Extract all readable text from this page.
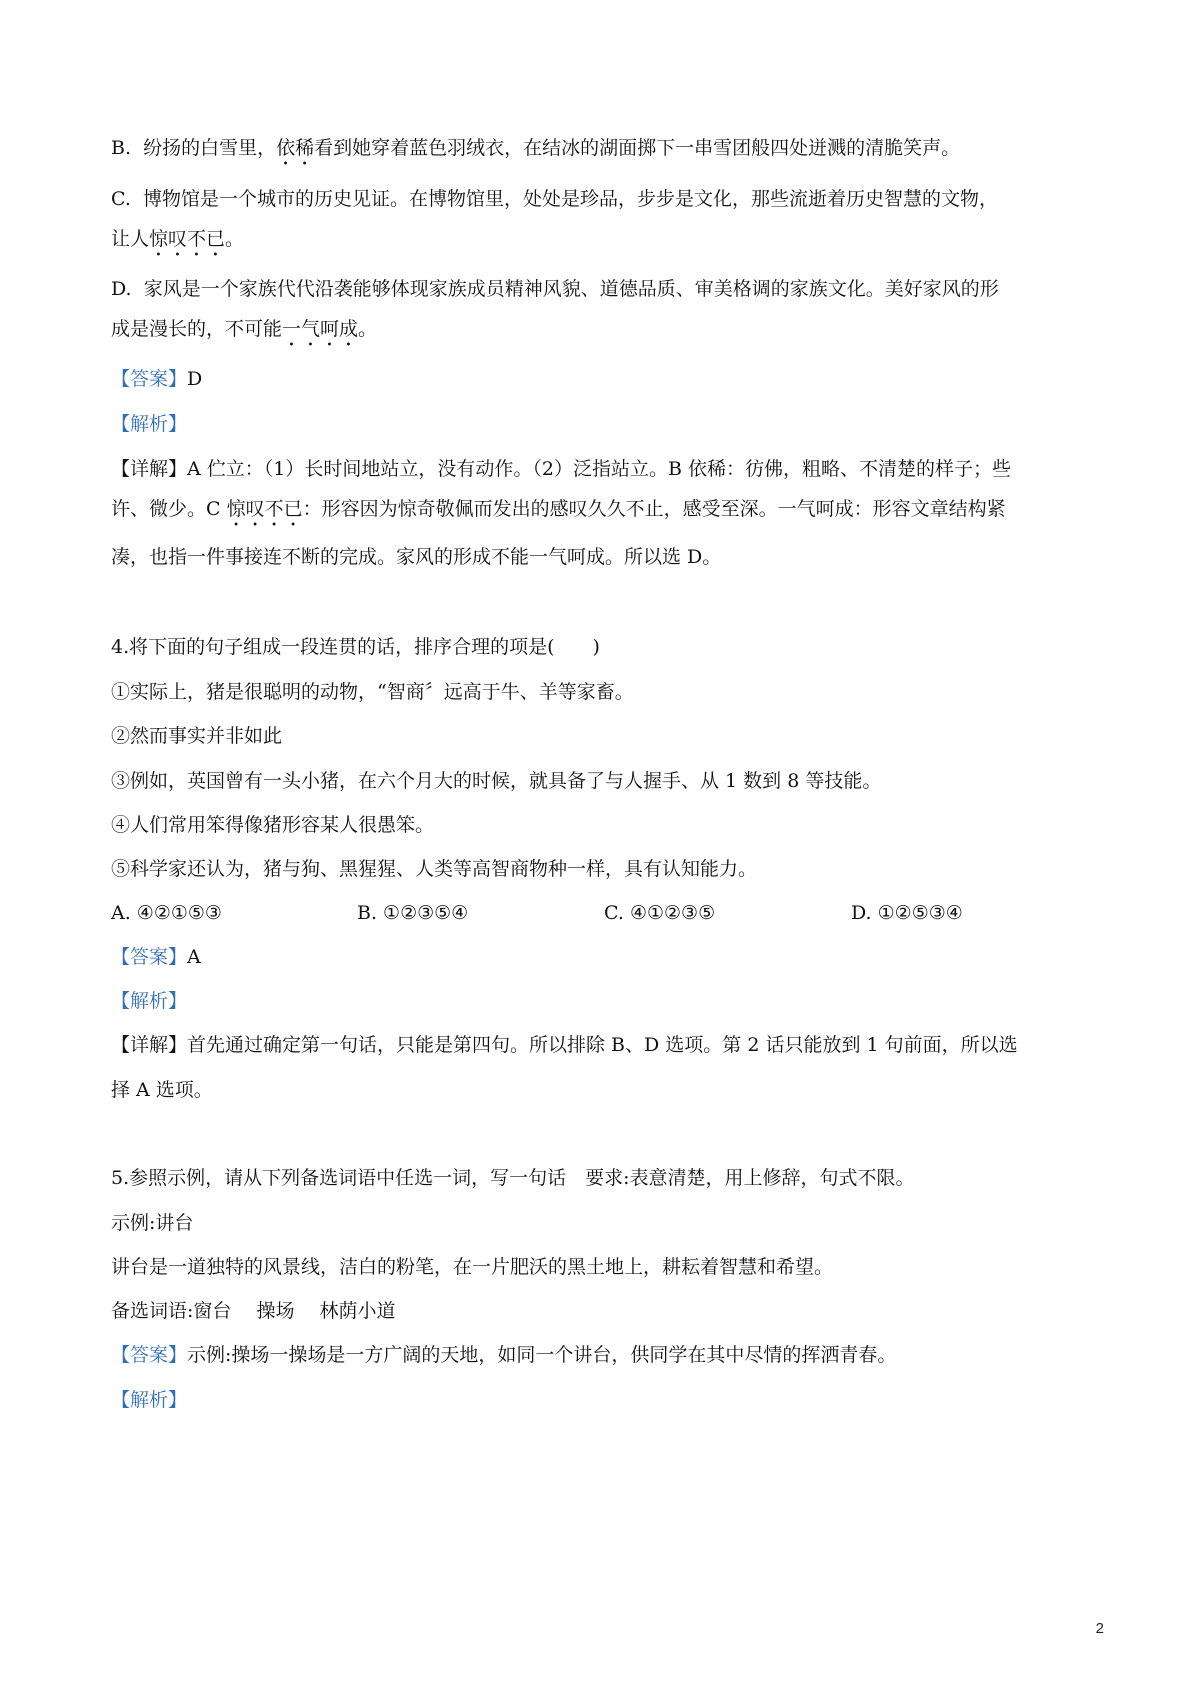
B. 纷扬的白雪里，依稀看到她穿着蓝色羽绒衣，在结冰的湖面掷下一串雪团般四处迸溅的清脆笑声。
C. 博物馆是一个城市的历史见证。在博物馆里，处处是珍品，步步是文化，那些流逝着历史智慧的文物，
让人惊叹不已。
D. 家风是一个家族代代沿袭能够体现家族成员精神风貌、道德品质、审美格调的家族文化。美好家风的形
成是漫长的，不可能一气呵成。
【答案】D
【解析】
【详解】A 伫立：（1）长时间地站立，没有动作。（2）泛指站立。B 依稀：彷佛，粗略、不清楚的样子；些
许、微少。C 惊叹不已：形容因为惊奇敬佩而发出的感叹久久不止，感受至深。一气呵成：形容文章结构紧
凑，也指一件事接连不断的完成。家风的形成不能一气呵成。所以选 D。
4.将下面的句子组成一段连贯的话，排序合理的项是(　　)
①实际上，猪是很聪明的动物，“智商〞远高于牛、羊等家畜。
②然而事实并非如此
③例如，英国曾有一头小猪，在六个月大的时候，就具备了与人握手、从 1 数到 8 等技能。
④人们常用笨得像猪形容某人很愚笨。
⑤科学家还认为，猪与狗、黑猩猩、人类等高智商物种一样，具有认知能力。
A. ④②①⑤③	B. ①②③⑤④	C. ④①②③⑤	D. ①②⑤③④
【答案】A
【解析】
【详解】首先通过确定第一句话，只能是第四句。所以排除 B、D 选项。第 2 话只能放到 1 句前面，所以选
择 A 选项。
5.参照示例，请从下列备选词语中任选一词，写一句话　要求:表意清楚，用上修辞，句式不限。
示例:讲台
讲台是一道独特的风景线，洁白的粉笔，在一片肥沃的黑土地上，耕耘着智慧和希望。
备选词语:窗台　 操场　 林荫小道
【答案】示例:操场一操场是一方广阔的天地，如同一个讲台，供同学在其中尽情的挥洒青春。
【解析】
2
